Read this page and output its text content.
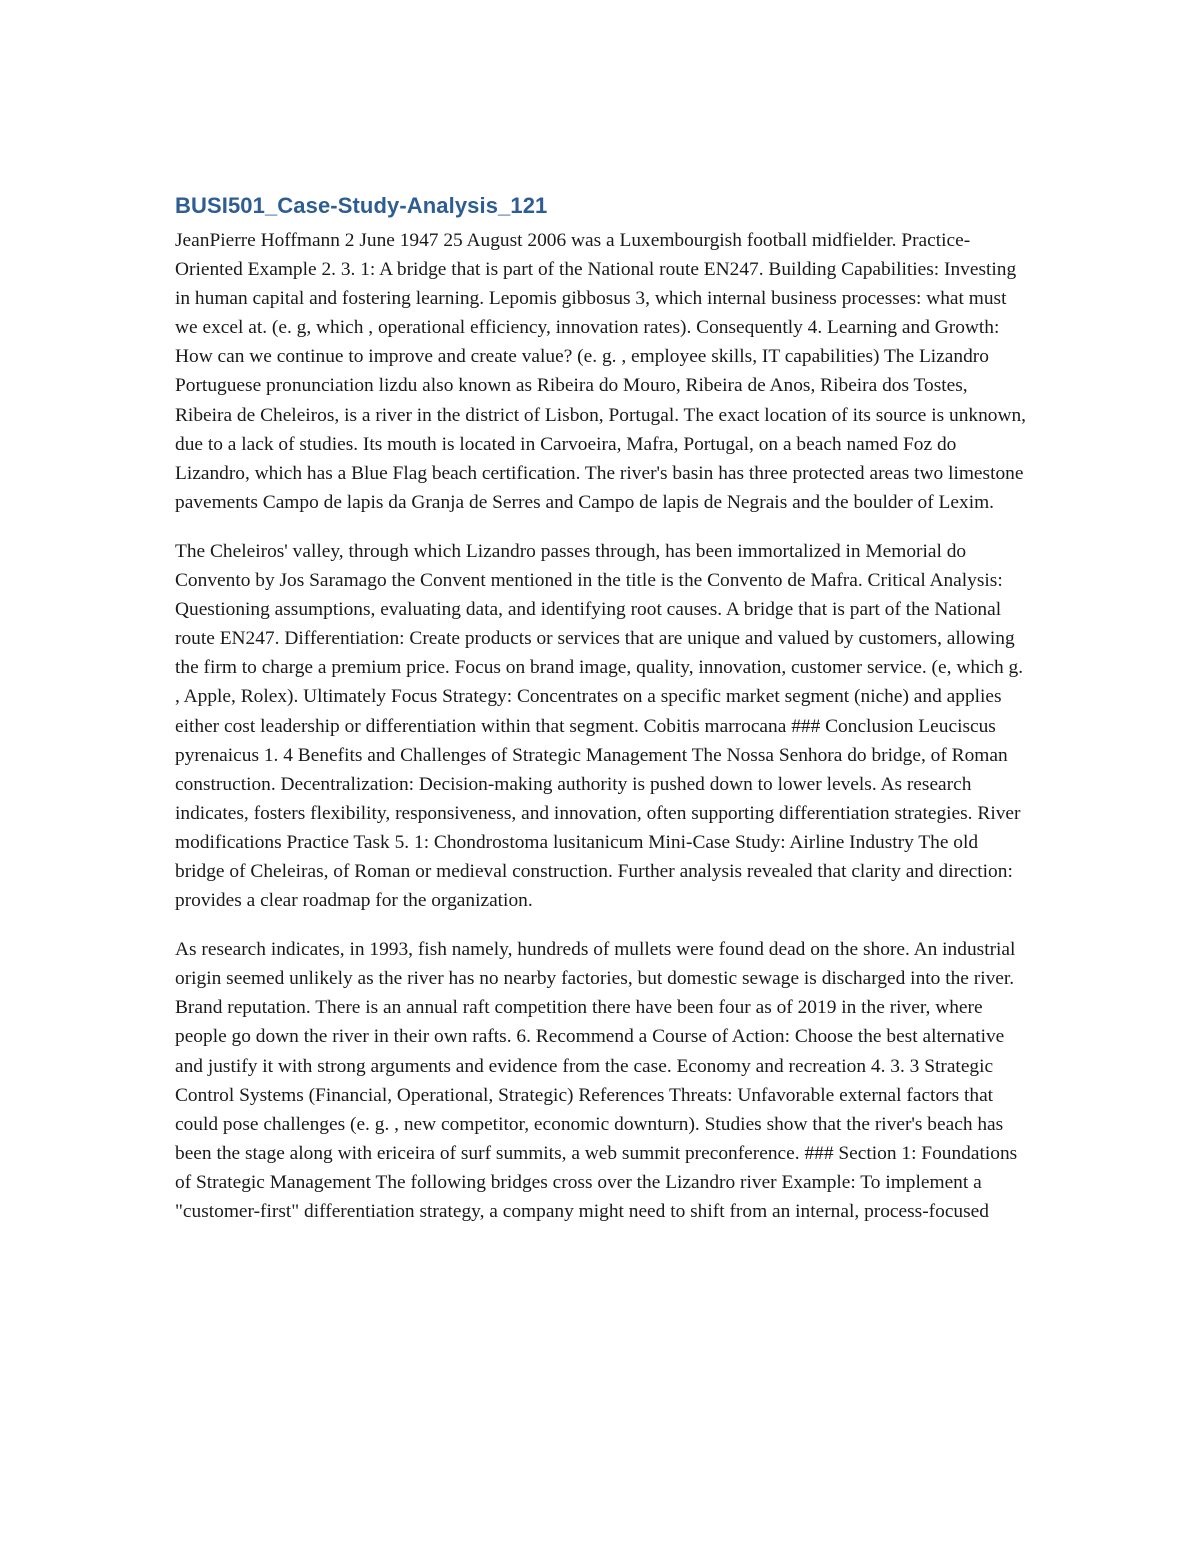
BUSI501_Case-Study-Analysis_121

JeanPierre Hoffmann 2 June 1947 25 August 2006 was a Luxembourgish football midfielder. Practice-Oriented Example 2. 3. 1: A bridge that is part of the National route EN247. Building Capabilities: Investing in human capital and fostering learning. Lepomis gibbosus 3, which internal business processes: what must we excel at. (e. g, which , operational efficiency, innovation rates). Consequently 4. Learning and Growth: How can we continue to improve and create value? (e. g. , employee skills, IT capabilities) The Lizandro Portuguese pronunciation lizdu also known as Ribeira do Mouro, Ribeira de Anos, Ribeira dos Tostes, Ribeira de Cheleiros, is a river in the district of Lisbon, Portugal. The exact location of its source is unknown, due to a lack of studies. Its mouth is located in Carvoeira, Mafra, Portugal, on a beach named Foz do Lizandro, which has a Blue Flag beach certification. The river's basin has three protected areas two limestone pavements Campo de lapis da Granja de Serres and Campo de lapis de Negrais and the boulder of Lexim.

The Cheleiros' valley, through which Lizandro passes through, has been immortalized in Memorial do Convento by Jos Saramago the Convent mentioned in the title is the Convento de Mafra. Critical Analysis: Questioning assumptions, evaluating data, and identifying root causes. A bridge that is part of the National route EN247. Differentiation: Create products or services that are unique and valued by customers, allowing the firm to charge a premium price. Focus on brand image, quality, innovation, customer service. (e, which g. , Apple, Rolex). Ultimately Focus Strategy: Concentrates on a specific market segment (niche) and applies either cost leadership or differentiation within that segment. Cobitis marrocana ### Conclusion Leuciscus pyrenaicus 1. 4 Benefits and Challenges of Strategic Management The Nossa Senhora do bridge, of Roman construction. Decentralization: Decision-making authority is pushed down to lower levels. As research indicates, fosters flexibility, responsiveness, and innovation, often supporting differentiation strategies. River modifications Practice Task 5. 1: Chondrostoma lusitanicum Mini-Case Study: Airline Industry The old bridge of Cheleiras, of Roman or medieval construction. Further analysis revealed that clarity and direction: provides a clear roadmap for the organization.

As research indicates, in 1993, fish namely, hundreds of mullets were found dead on the shore. An industrial origin seemed unlikely as the river has no nearby factories, but domestic sewage is discharged into the river. Brand reputation. There is an annual raft competition there have been four as of 2019 in the river, where people go down the river in their own rafts. 6. Recommend a Course of Action: Choose the best alternative and justify it with strong arguments and evidence from the case. Economy and recreation 4. 3. 3 Strategic Control Systems (Financial, Operational, Strategic) References Threats: Unfavorable external factors that could pose challenges (e. g. , new competitor, economic downturn). Studies show that the river's beach has been the stage along with ericeira of surf summits, a web summit preconference. ### Section 1: Foundations of Strategic Management The following bridges cross over the Lizandro river Example: To implement a "customer-first" differentiation strategy, a company might need to shift from an internal, process-focused
